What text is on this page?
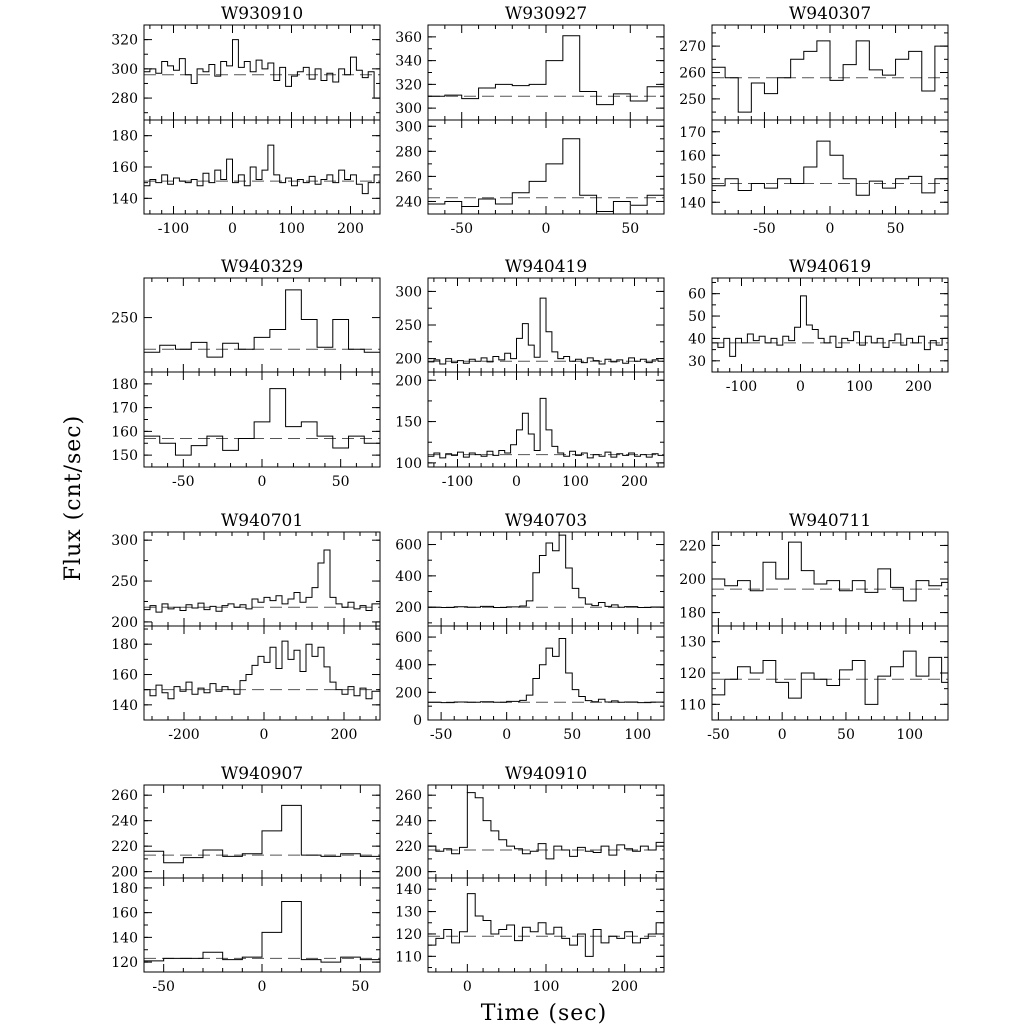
W930910
280
300
320
140
160
180
-100	0	100 200
W930927
300
320
340
360
240
260
280
300
-50	0	50
W940307
250
260
270
140
150
160
170
-50	0	50
W940329
250
150
160
170
180
-50	0	50
W940419
200
250
300
100
150
200
-100	0	100 200
W940619
30
40
50
60
-100	0	100 200
W940701
200
250
300
140
160
180
-200	0	200
W940703
200
400
600
0
200
400
600
-50	0	50	100
W940711
180
200
220
110
120
130
-50	0	50	100
W940907
200
220
240
260
120
140
160
180
-50	0	50
W940910
200
220
240
260
110
120
130
140
0	100	200
Time (sec)
Flux (cnt/sec)
